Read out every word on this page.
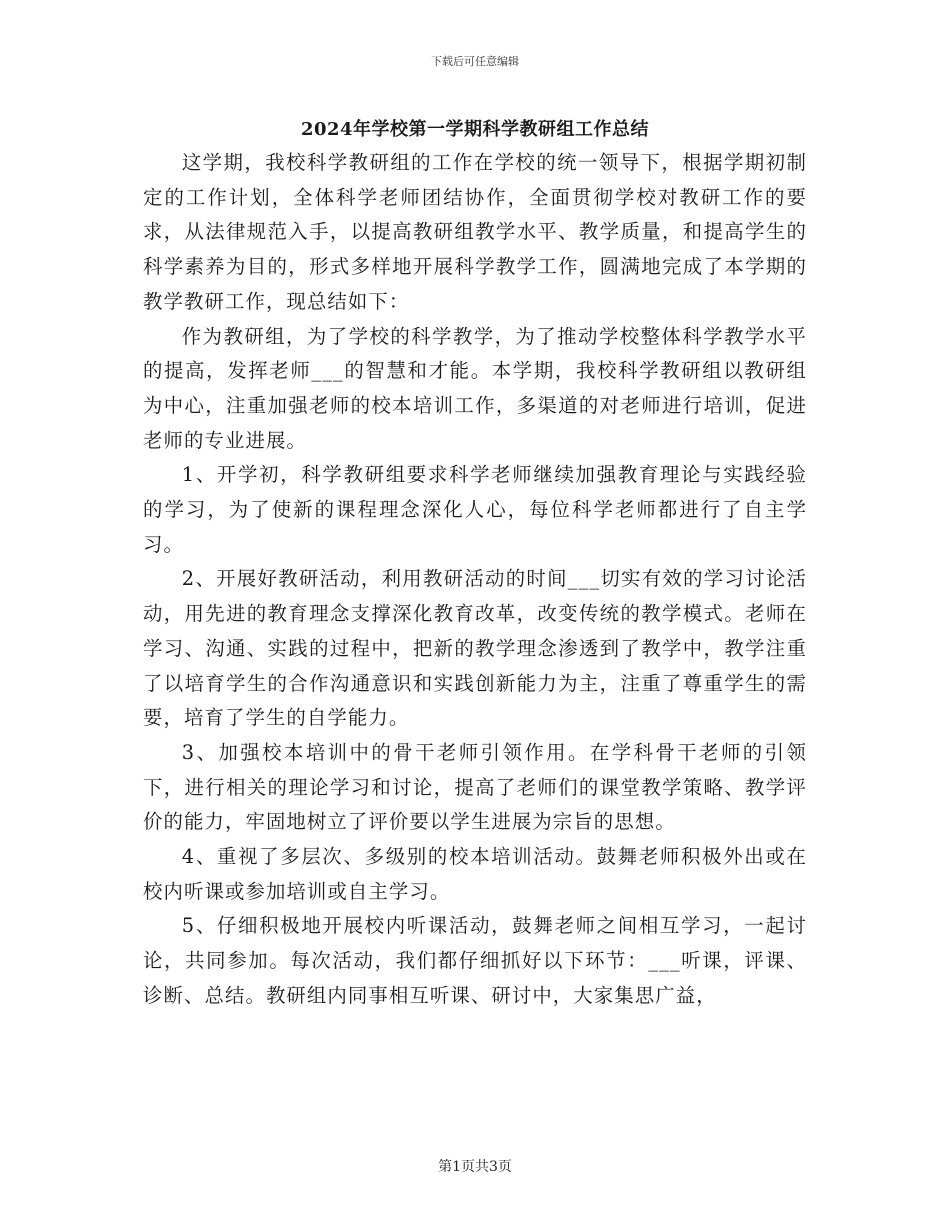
下载后可任意编辑
2024年学校第一学期科学教研组工作总结

这学期，我校科学教研组的工作在学校的统一领导下，根据学期初制定的工作计划，全体科学老师团结协作，全面贯彻学校对教研工作的要求，从法律规范入手，以提高教研组教学水平、教学质量，和提高学生的科学素养为目的，形式多样地开展科学教学工作，圆满地完成了本学期的教学教研工作，现总结如下：

作为教研组，为了学校的科学教学，为了推动学校整体科学教学水平的提高，发挥老师___的智慧和才能。本学期，我校科学教研组以教研组为中心，注重加强老师的校本培训工作，多渠道的对老师进行培训，促进老师的专业进展。

1、开学初，科学教研组要求科学老师继续加强教育理论与实践经验的学习，为了使新的课程理念深化人心，每位科学老师都进行了自主学习。

2、开展好教研活动，利用教研活动的时间___切实有效的学习讨论活动，用先进的教育理念支撑深化教育改革，改变传统的教学模式。老师在学习、沟通、实践的过程中，把新的教学理念渗透到了教学中，教学注重了以培育学生的合作沟通意识和实践创新能力为主，注重了尊重学生的需要，培育了学生的自学能力。

3、加强校本培训中的骨干老师引领作用。在学科骨干老师的引领下，进行相关的理论学习和讨论，提高了老师们的课堂教学策略、教学评价的能力，牢固地树立了评价要以学生进展为宗旨的思想。

4、重视了多层次、多级别的校本培训活动。鼓舞老师积极外出或在校内听课或参加培训或自主学习。

5、仔细积极地开展校内听课活动，鼓舞老师之间相互学习，一起讨论，共同参加。每次活动，我们都仔细抓好以下环节：___听课，评课、诊断、总结。教研组内同事相互听课、研讨中，大家集思广益，

第1页共3页
